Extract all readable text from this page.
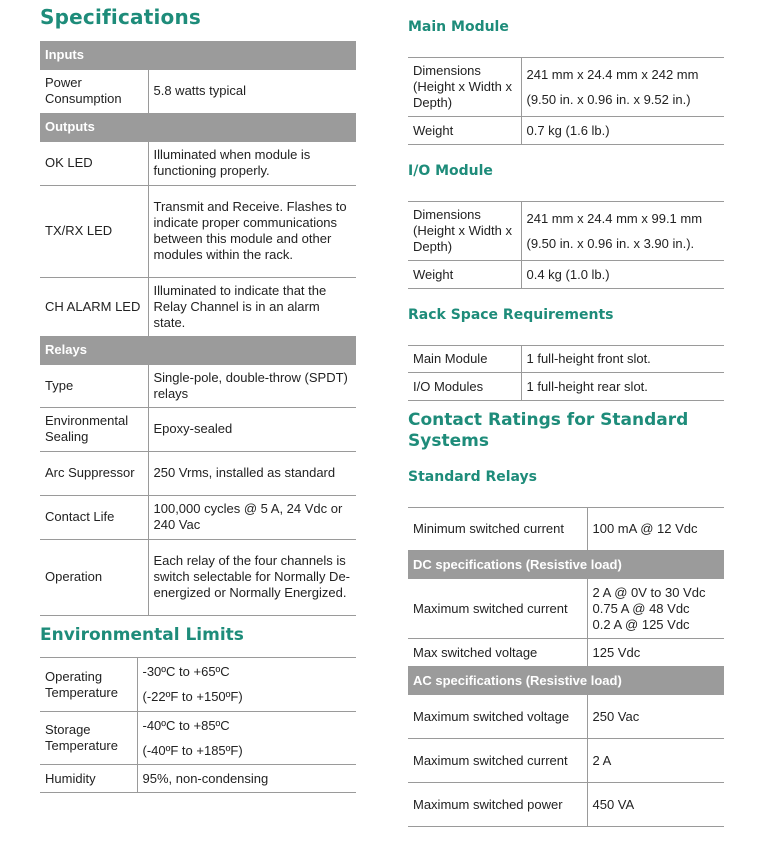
Specifications
Inputs	
Power Consumption	5.8 watts typical
Outputs	
OK LED	Illuminated when module is functioning properly.
TX/RX LED	Transmit and Receive. Flashes to indicate proper communications between this module and other modules within the rack.
CH ALARM LED	Illuminated to indicate that the Relay Channel is in an alarm state.
Relays	
Type	Single-pole, double-throw (SPDT) relays
Environmental Sealing	Epoxy-sealed
Arc Suppressor	250 Vrms, installed as standard
Contact Life	100,000 cycles @ 5 A, 24 Vdc or 240 Vac
Operation	Each relay of the four channels is switch selectable for Normally De-energized or Normally Energized.
Environmental Limits
Operating Temperature	-30ºC to +65ºC
(-22ºF to +150ºF)

Storage Temperature	-40ºC to +85ºC
(-40ºF to +185ºF)

Humidity	95%, non-condensing
Main Module
Dimensions (Height x Width x Depth)	241 mm x 24.4 mm x 242 mm
(9.50 in. x 0.96 in. x 9.52 in.)

Weight	0.7 kg (1.6 lb.)
I/O Module
Dimensions (Height x Width x Depth)	241 mm x 24.4 mm x 99.1 mm
(9.50 in. x 0.96 in. x 3.90 in.).

Weight	0.4 kg (1.0 lb.)
Rack Space Requirements
Main Module	1 full-height front slot.
I/O Modules	1 full-height rear slot.
Contact Ratings for Standard Systems
Standard Relays
Minimum switched current	100 mA @ 12 Vdc
DC specifications (Resistive load)	
Maximum switched current	2 A @ 0V to 30 Vdc
0.75 A @ 48 Vdc
0.2 A @ 125 Vdc

Max switched voltage	125 Vdc
AC specifications (Resistive load)	
Maximum switched voltage	250 Vac
Maximum switched current	2 A
Maximum switched power	450 VA
